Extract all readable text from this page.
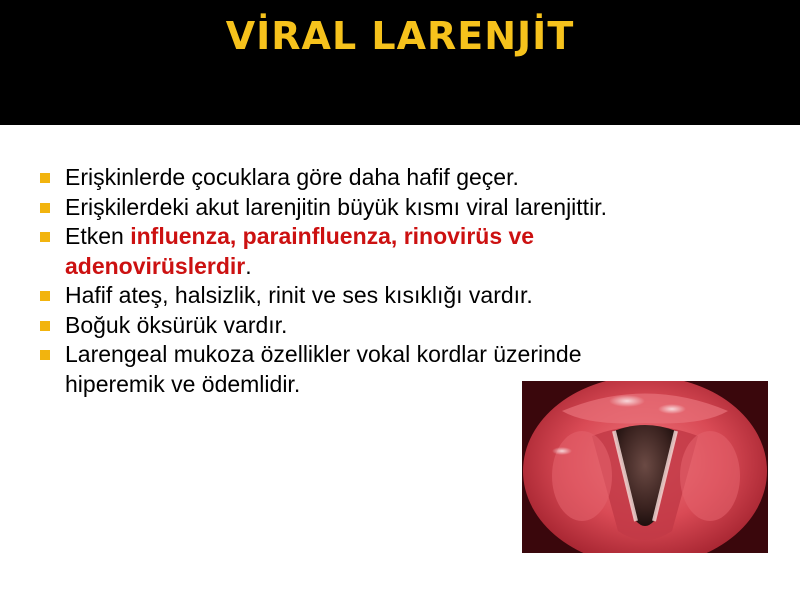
VİRAL LARENJİT
Erişkinlerde çocuklara göre daha hafif geçer.
Erişkilerdeki akut larenjitin büyük kısmı viral larenjittir.
Etken influenza, parainfluenza, rinovirüs ve adenovirüslerdir.
Hafif ateş, halsizlik, rinit ve ses kısıklığı vardır.
Boğuk öksürük vardır.
Larengeal mukoza özellikler vokal kordlar üzerinde hiperemik ve ödemlidir.
